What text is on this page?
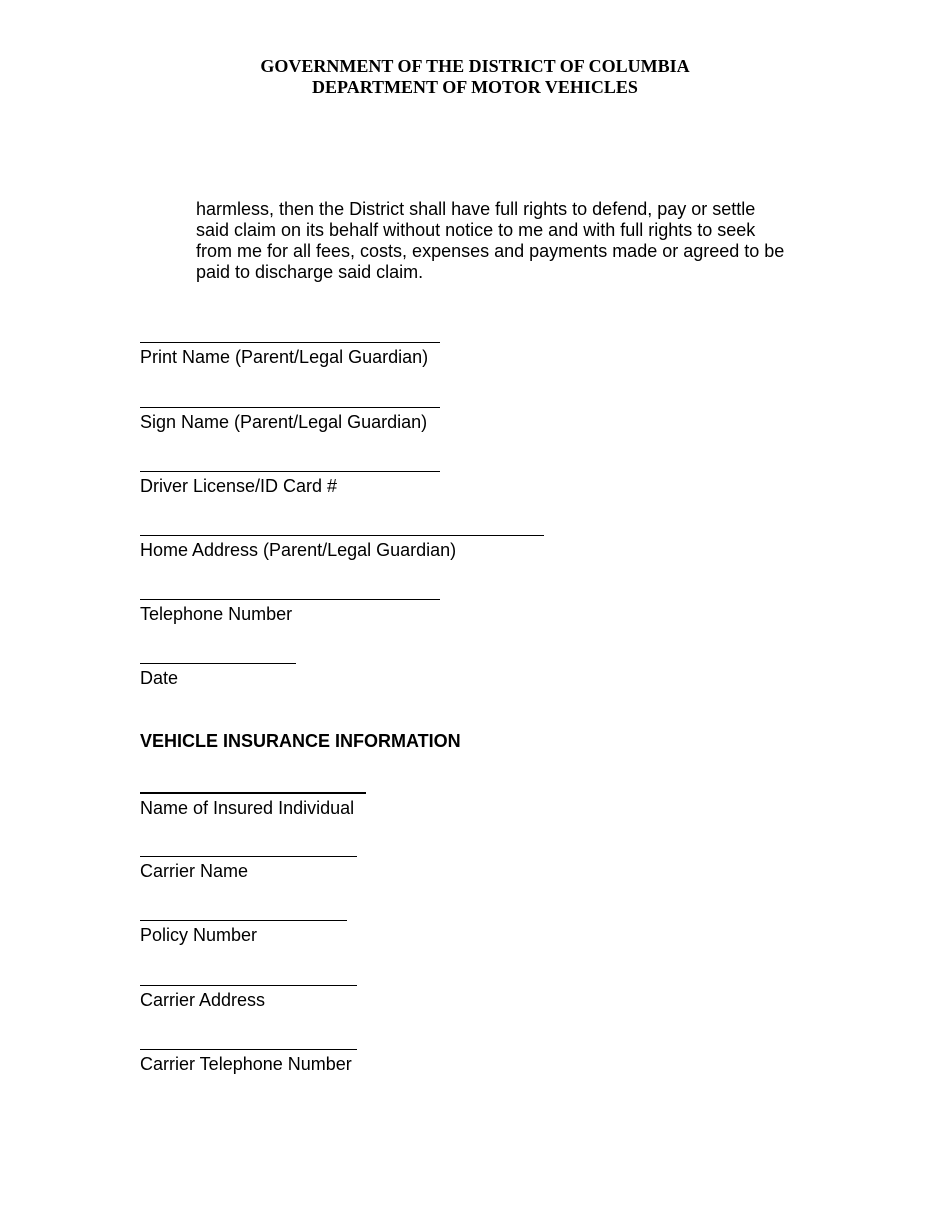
GOVERNMENT OF THE DISTRICT OF COLUMBIA
DEPARTMENT OF MOTOR VEHICLES
harmless, then the District shall have full rights to defend, pay or settle
said claim on its behalf without notice to me and with full rights to seek
from me for all fees, costs, expenses and payments made or agreed to be
paid to discharge said claim.
Print Name (Parent/Legal Guardian)
Sign Name (Parent/Legal Guardian)
Driver License/ID Card #
Home Address (Parent/Legal Guardian)
Telephone Number
Date
VEHICLE INSURANCE INFORMATION
Name of Insured Individual
Carrier Name
Policy Number
Carrier Address
Carrier Telephone Number
